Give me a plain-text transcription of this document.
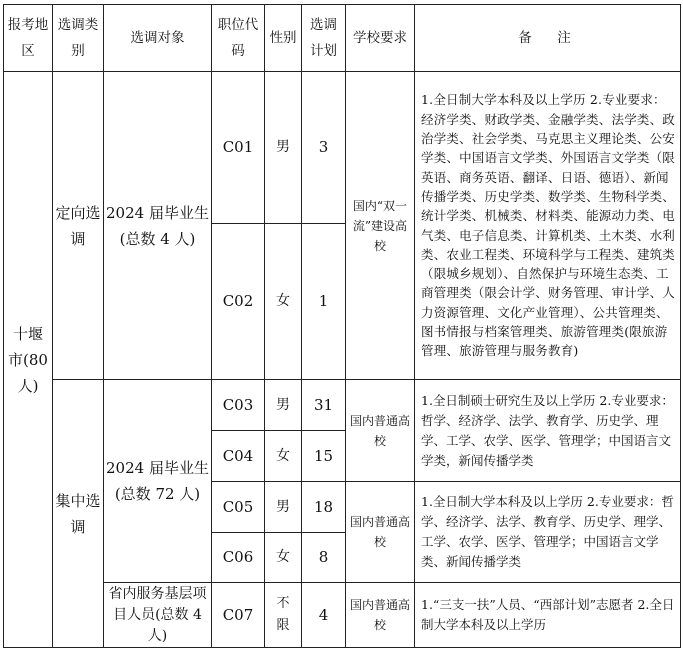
报考地区	选调类别	选调对象	职位代码	性别	选调计划	学校要求	备　注
十堰市(80 人)	定向选调	2024 届毕业生(总数 4 人)	C01	男	3	国内“双一流”建设高校	1.全日制大学本科及以上学历 2.专业要求：经济学类、财政学类、金融学类、法学类、政治学类、社会学类、马克思主义理论类、公安学类、中国语言文学类、外国语言文学类（限英语、商务英语、翻译、日语、德语）、新闻传播学类、历史学类、数学类、生物科学类、统计学类、机械类、材料类、能源动力类、电气类、电子信息类、计算机类、土木类、水利类、农业工程类、环境科学与工程类、建筑类（限城乡规划）、自然保护与环境生态类、工商管理类（限会计学、财务管理、审计学、人力资源管理、文化产业管理）、公共管理类、图书情报与档案管理类、旅游管理类(限旅游管理、旅游管理与服务教育)
			C02	女	1		
	集中选调	2024 届毕业生(总数 72 人)	C03	男	31	国内普通高校	1.全日制硕士研究生及以上学历 2.专业要求：哲学、经济学、法学、教育学、历史学、理学、工学、农学、医学、管理学；中国语言文学类，新闻传播学类
			C04	女	15		
			C05	男	18	国内普通高校	1.全日制大学本科及以上学历 2.专业要求：哲学、经济学、法学、教育学、历史学、理学、工学、农学、医学、管理学；中国语言文学类、新闻传播学类
			C06	女	8		
		省内服务基层项目人员(总数 4 人)	C07	不限	4	国内普通高校	1.“三支一扶”人员、“西部计划”志愿者 2.全日制大学本科及以上学历
